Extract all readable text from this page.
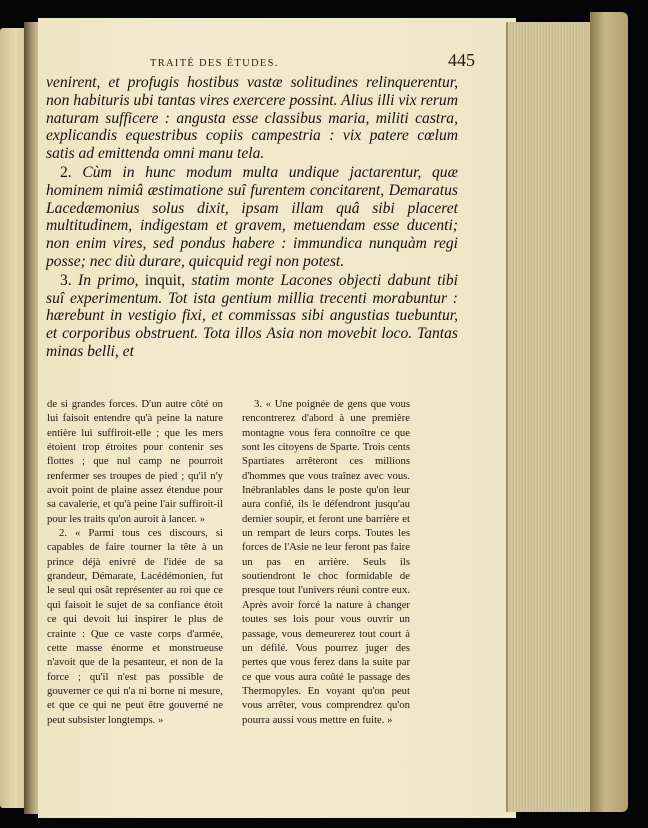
TRAITÉ DES ÉTUDES.	445

venirent, et profugis hostibus vastæ solitudines relinquerentur, non habituris ubi tantas vires exercere possint. Alius illi vix rerum naturam sufficere : angusta esse classibus maria, militi castra, explicandis equestribus copiis campestria : vix patere cœlum satis ad emittenda omni manu tela.

2. Cùm in hunc modum multa undique jactarentur, quæ hominem nimiâ æstimatione suî furentem concitarent, Demaratus Lacedæmonius solus dixit, ipsam illam quâ sibi placeret multitudinem, indigestam et gravem, metuendam esse ducenti; non enim vires, sed pondus habere : immundica nunquàm regi posse; nec diù durare, quicquid regi non potest.

3. In primo, inquit, statim monte Lacones objecti dabunt tibi suî experimentum. Tot ista gentium millia trecenti morabuntur : hærebunt in vestigio fixi, et commissas sibi angustias tuebuntur, et corporibus obstruent. Tota illos Asia non movebit loco. Tantas minas belli, et

de si grandes forces. D'un autre côté on lui faisoit entendre qu'à peine la nature entière lui suffiroit-elle ; que les mers étoient trop étroites pour contenir ses flottes ; que nul camp ne pourroit renfermer ses troupes de pied ; qu'il n'y avoit point de plaine assez étendue pour sa cavalerie, et qu'à peine l'air suffiroit-il pour les traits qu'on auroit à lancer. »

2. « Parmi tous ces discours, si capables de faire tourner la tête à un prince déjà enivré de l'idée de sa grandeur, Démarate, Lacédémonien, fut le seul qui osât représenter au roi que ce qui faisoit le sujet de sa confiance étoit ce qui devoit lui inspirer le plus de crainte : Que ce vaste corps d'armée, cette masse énorme et monstrueuse n'avoit que de la pesanteur, et non de la force ; qu'il n'est pas possible de gouverner ce qui n'a ni borne ni mesure, et que ce qui ne peut être gouverné ne peut subsister longtemps. »

3. « Une poignée de gens que vous rencontrerez d'abord à une première montagne vous fera connoître ce que sont les citoyens de Sparte. Trois cents Spartiates arrêteront ces millions d'hommes que vous traînez avec vous. Inébranlables dans le poste qu'on leur aura confié, ils le défendront jusqu'au dernier soupir, et feront une barrière et un rempart de leurs corps. Toutes les forces de l'Asie ne leur feront pas faire un pas en arrière. Seuls ils soutiendront le choc formidable de presque tout l'univers réuni contre eux. Après avoir forcé la nature à changer toutes ses lois pour vous ouvrir un passage, vous demeurerez tout court à un défilé. Vous pourrez juger des pertes que vous ferez dans la suite par ce que vous aura coûté le passage des Thermopyles. En voyant qu'on peut vous arrêter, vous comprendrez qu'on pourra aussi vous mettre en fuite. »
